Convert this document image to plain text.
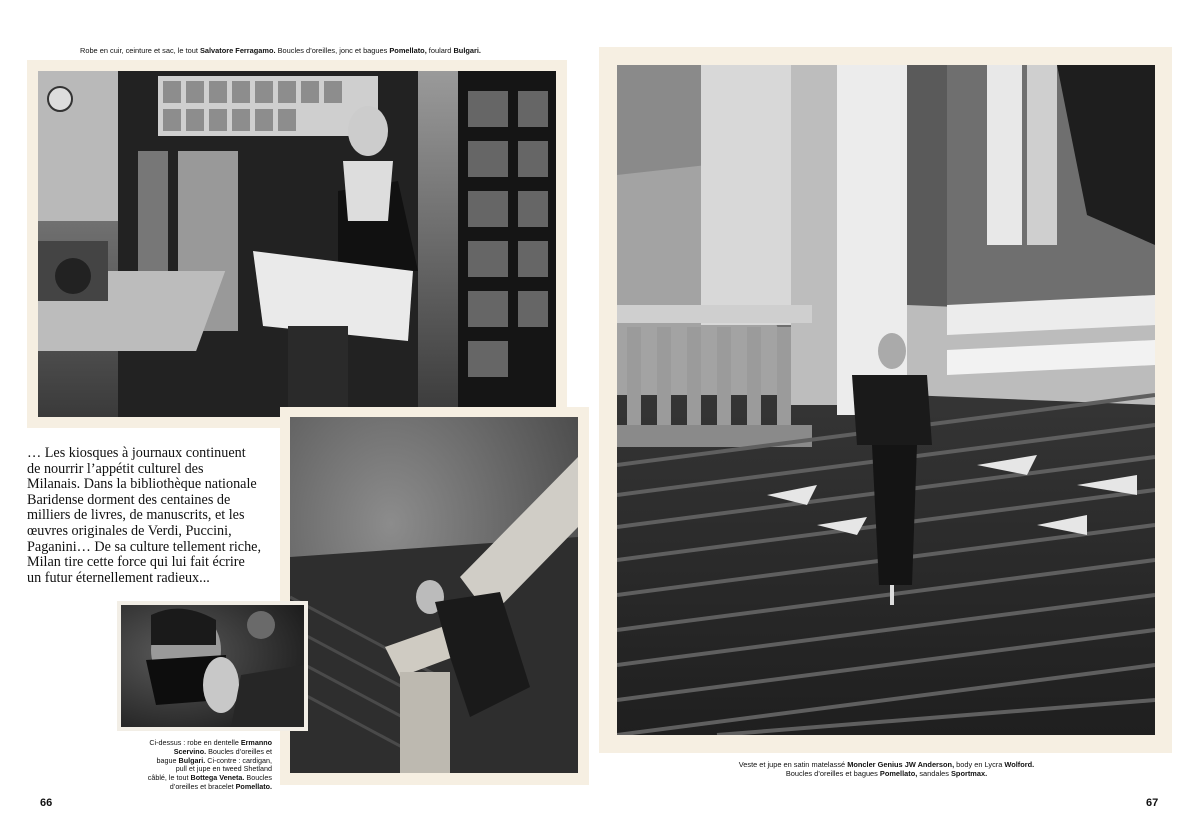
Robe en cuir, ceinture et sac, le tout Salvatore Ferragamo. Boucles d’oreilles, jonc et bagues Pomellato, foulard Bulgari.
… Les kiosques à journaux continuent
de nourrir l’appétit culturel des
Milanais. Dans la bibliothèque nationale
Baridense dorment des centaines de
milliers de livres, de manuscrits, et les
œuvres originales de Verdi, Puccini,
Paganini… De sa culture tellement riche,
Milan tire cette force qui lui fait écrire
un futur éternellement radieux...
Ci-dessus : robe en dentelle Ermanno
Scervino. Boucles d’oreilles et
bague Bulgari. Ci-contre : cardigan,
pull et jupe en tweed Shetland
câblé, le tout Bottega Veneta. Boucles
d’oreilles et bracelet Pomellato.
66
Veste et jupe en satin matelassé Moncler Genius JW Anderson, body en Lycra Wolford.
Boucles d’oreilles et bagues Pomellato, sandales Sportmax.
67
